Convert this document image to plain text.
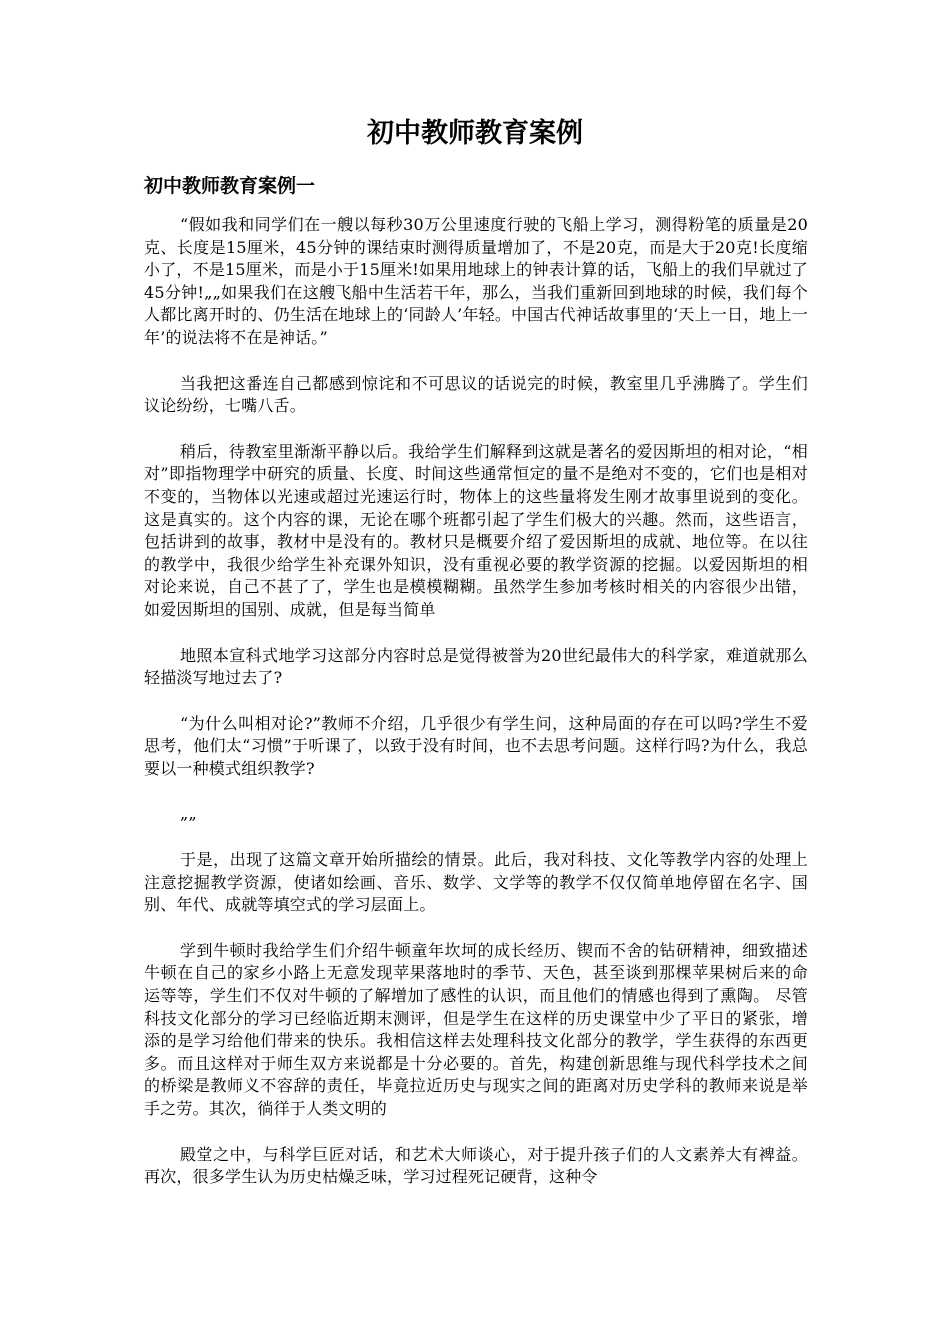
初中教师教育案例
初中教师教育案例一

“假如我和同学们在一艘以每秒30万公里速度行驶的飞船上学习，测得粉笔的质量是20克、长度是15厘米，45分钟的课结束时测得质量增加了，不是20克，而是大于20克!长度缩小了，不是15厘米，而是小于15厘米!如果用地球上的钟表计算的话，飞船上的我们早就过了45分钟!„„如果我们在这艘飞船中生活若干年，那么，当我们重新回到地球的时候，我们每个人都比离开时的、仍生活在地球上的‘同龄人’年轻。中国古代神话故事里的‘天上一日，地上一年’的说法将不在是神话。”

当我把这番连自己都感到惊诧和不可思议的话说完的时候，教室里几乎沸腾了。学生们议论纷纷，七嘴八舌。

稍后，待教室里渐渐平静以后。我给学生们解释到这就是著名的爱因斯坦的相对论，“相对”即指物理学中研究的质量、长度、时间这些通常恒定的量不是绝对不变的，它们也是相对不变的，当物体以光速或超过光速运行时，物体上的这些量将发生刚才故事里说到的变化。这是真实的。这个内容的课，无论在哪个班都引起了学生们极大的兴趣。然而，这些语言，包括讲到的故事，教材中是没有的。教材只是概要介绍了爱因斯坦的成就、地位等。在以往的教学中，我很少给学生补充课外知识，没有重视必要的教学资源的挖掘。以爱因斯坦的相对论来说，自己不甚了了，学生也是模模糊糊。虽然学生参加考核时相关的内容很少出错，如爱因斯坦的国别、成就，但是每当简单

地照本宣科式地学习这部分内容时总是觉得被誉为20世纪最伟大的科学家，难道就那么轻描淡写地过去了?

“为什么叫相对论?”教师不介绍，几乎很少有学生问，这种局面的存在可以吗?学生不爱思考，他们太“习惯”于听课了，以致于没有时间，也不去思考问题。这样行吗?为什么，我总要以一种模式组织教学?

„„

于是，出现了这篇文章开始所描绘的情景。此后，我对科技、文化等教学内容的处理上注意挖掘教学资源，使诸如绘画、音乐、数学、文学等的教学不仅仅简单地停留在名字、国别、年代、成就等填空式的学习层面上。

学到牛顿时我给学生们介绍牛顿童年坎坷的成长经历、锲而不舍的钻研精神，细致描述牛顿在自己的家乡小路上无意发现苹果落地时的季节、天色，甚至谈到那棵苹果树后来的命运等等，学生们不仅对牛顿的了解增加了感性的认识，而且他们的情感也得到了熏陶。 尽管科技文化部分的学习已经临近期末测评，但是学生在这样的历史课堂中少了平日的紧张，增添的是学习给他们带来的快乐。我相信这样去处理科技文化部分的教学，学生获得的东西更多。而且这样对于师生双方来说都是十分必要的。首先，构建创新思维与现代科学技术之间的桥梁是教师义不容辞的责任，毕竟拉近历史与现实之间的距离对历史学科的教师来说是举手之劳。其次，徜徉于人类文明的

殿堂之中，与科学巨匠对话，和艺术大师谈心，对于提升孩子们的人文素养大有裨益。再次，很多学生认为历史枯燥乏味，学习过程死记硬背，这种令
